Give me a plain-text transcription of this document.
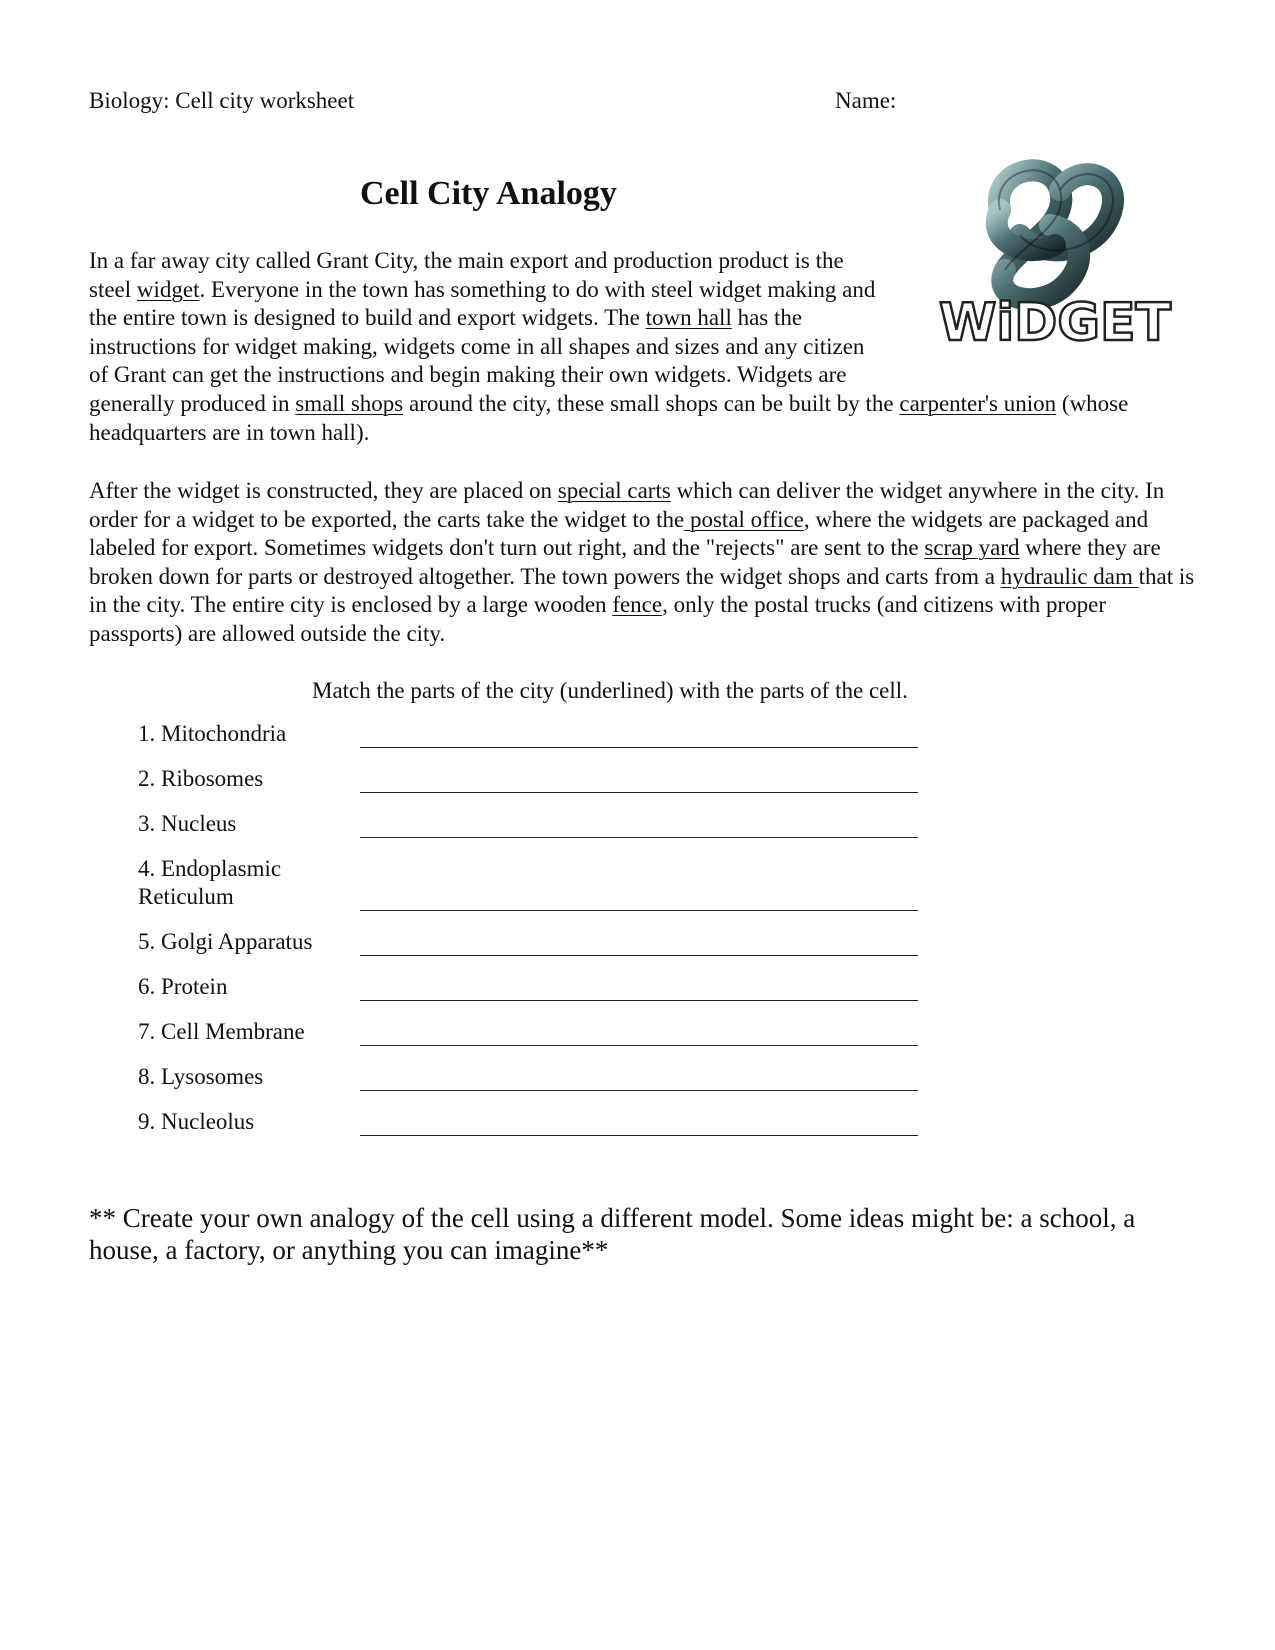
Biology: Cell city worksheet	Name:
Cell City Analogy
WiDGET
In a far away city called Grant City, the main export and production product is the steel widget. Everyone in the town has something to do with steel widget making and the entire town is designed to build and export widgets. The town hall has the instructions for widget making, widgets come in all shapes and sizes and any citizen of Grant can get the instructions and begin making their own widgets. Widgets are generally produced in small shops around the city, these small shops can be built by the carpenter's union (whose headquarters are in town hall).
After the widget is constructed, they are placed on special carts which can deliver the widget anywhere in the city. In order for a widget to be exported, the carts take the widget to the postal office, where the widgets are packaged and labeled for export. Sometimes widgets don't turn out right, and the "rejects" are sent to the scrap yard where they are broken down for parts or destroyed altogether. The town powers the widget shops and carts from a hydraulic dam that is in the city. The entire city is enclosed by a large wooden fence, only the postal trucks (and citizens with proper passports) are allowed outside the city.
Match the parts of the city (underlined) with the parts of the cell.
1. Mitochondria
2. Ribosomes
3. Nucleus
4. Endoplasmic Reticulum
5. Golgi Apparatus
6. Protein
7. Cell Membrane
8. Lysosomes
9. Nucleolus
** Create your own analogy of the cell using a different model. Some ideas might be: a school, a house, a factory, or anything you can imagine**
